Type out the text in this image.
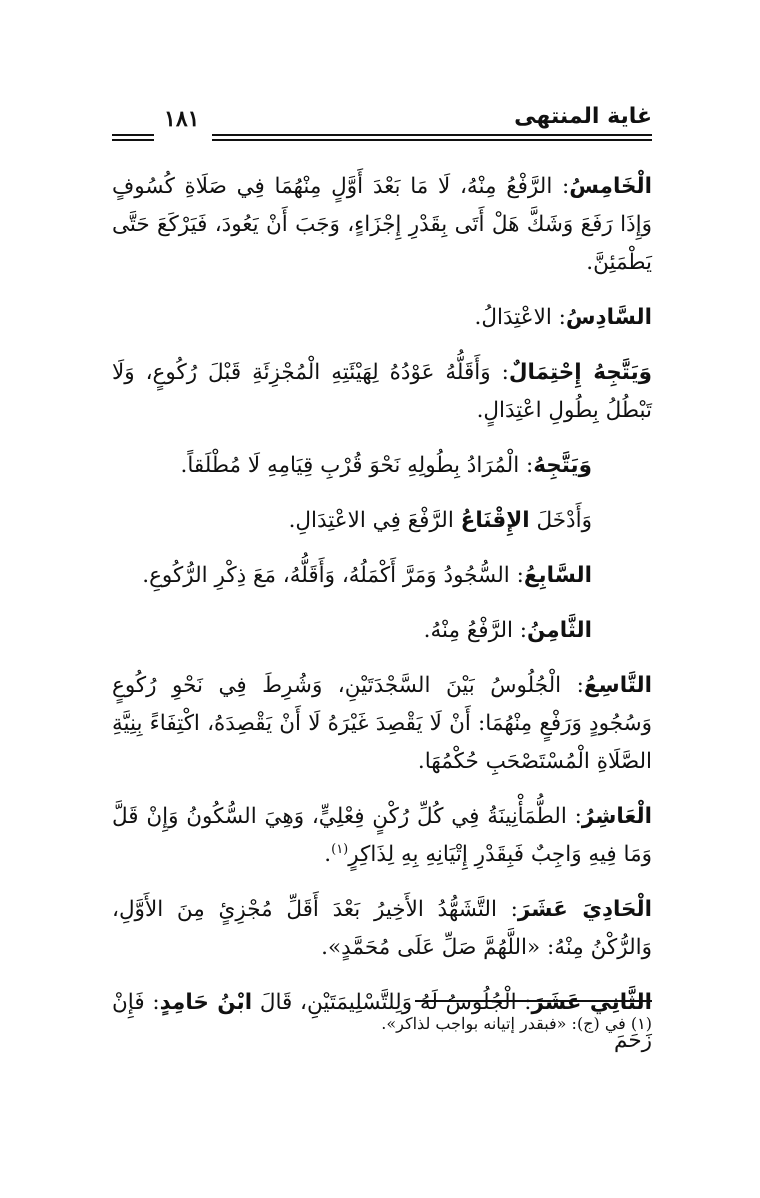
غاية المنتهى
١٨١

الْخَامِسُ: الرَّفْعُ مِنْهُ، لَا مَا بَعْدَ أَوَّلٍ مِنْهُمَا فِي صَلَاةِ كُسُوفٍ وَإِذَا رَفَعَ وَشَكَّ هَلْ أَتَى بِقَدْرِ إِجْزَاءٍ، وَجَبَ أَنْ يَعُودَ، فَيَرْكَعَ حَتَّى يَطْمَئِنَّ.

السَّادِسُ: الاعْتِدَالُ.

وَيَتَّجِهُ إِحْتِمَالٌ: وَأَقَلُّهُ عَوْدُهُ لِهَيْئَتِهِ الْمُجْزِئَةِ قَبْلَ رُكُوعٍ، وَلَا تَبْطُلُ بِطُولِ اعْتِدَالٍ.

وَيَتَّجِهُ: الْمُرَادُ بِطُولِهِ نَحْوَ قُرْبِ قِيَامِهِ لَا مُطْلَقاً.

وَأَدْخَلَ الإِقْنَاعُ الرَّفْعَ فِي الاعْتِدَالِ.

السَّابِعُ: السُّجُودُ وَمَرَّ أَكْمَلُهُ، وَأَقَلُّهُ، مَعَ ذِكْرِ الرُّكُوعِ.

الثَّامِنُ: الرَّفْعُ مِنْهُ.

التَّاسِعُ: الْجُلُوسُ بَيْنَ السَّجْدَتَيْنِ، وَشُرِطَ فِي نَحْوِ رُكُوعٍ وَسُجُودٍ وَرَفْعٍ مِنْهُمَا: أَنْ لَا يَقْصِدَ غَيْرَهُ لَا أَنْ يَقْصِدَهُ، اكْتِفَاءً بِنِيَّةِ الصَّلَاةِ الْمُسْتَصْحَبِ حُكْمُهَا.

الْعَاشِرُ: الطُّمَأْنِينَةُ فِي كُلِّ رُكْنٍ فِعْلِيٍّ، وَهِيَ السُّكُونُ وَإِنْ قَلَّ وَمَا فِيهِ وَاجِبٌ فَبِقَدْرِ إِتْيَانِهِ بِهِ لِذَاكِرٍ$^{(١)}$.

الْحَادِيَ عَشَرَ: التَّشَهُّدُ الأَخِيرُ بَعْدَ أَقَلِّ مُجْزِئٍ مِنَ الأَوَّلِ، وَالرُّكْنُ مِنْهُ: «اللَّهُمَّ صَلِّ عَلَى مُحَمَّدٍ».

الثَّانِي عَشَرَ: الْجُلُوسُ لَهُ وَلِلتَّسْلِيمَتَيْنِ، قَالَ ابْنُ حَامِدٍ: فَإِنْ زَحَمَ

(١) في (ج): «فبقدر إتيانه بواجب لذاكر».
